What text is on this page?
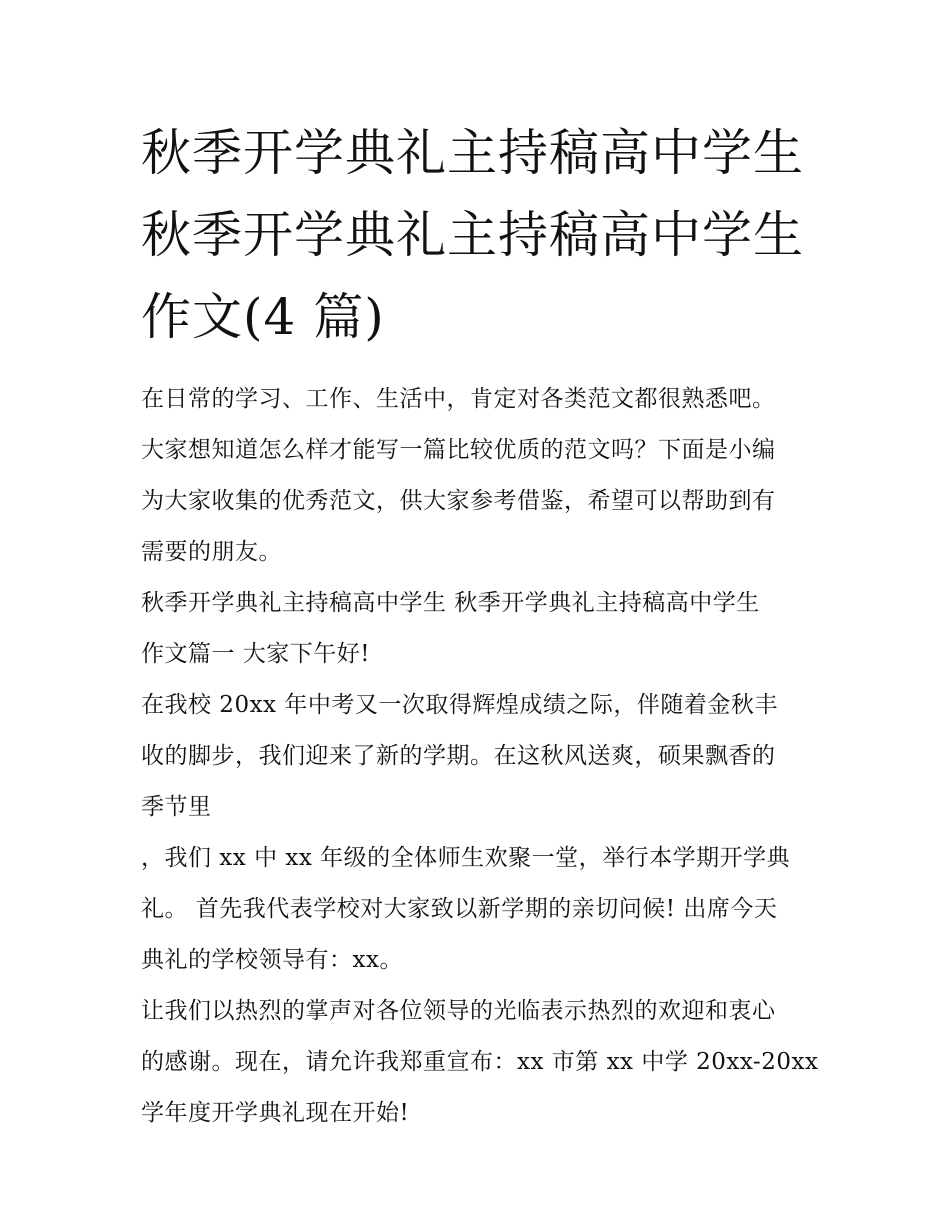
秋季开学典礼主持稿高中学生
秋季开学典礼主持稿高中学生
作文(4 篇)

在日常的学习、工作、生活中，肯定对各类范文都很熟悉吧。
大家想知道怎么样才能写一篇比较优质的范文吗？下面是小编
为大家收集的优秀范文，供大家参考借鉴，希望可以帮助到有
需要的朋友。

秋季开学典礼主持稿高中学生 秋季开学典礼主持稿高中学生
作文篇一 大家下午好!

在我校 20xx 年中考又一次取得辉煌成绩之际，伴随着金秋丰
收的脚步，我们迎来了新的学期。在这秋风送爽，硕果飘香的
季节里

，我们 xx 中 xx 年级的全体师生欢聚一堂，举行本学期开学典
礼。 首先我代表学校对大家致以新学期的亲切问候! 出席今天
典礼的学校领导有：xx。

让我们以热烈的掌声对各位领导的光临表示热烈的欢迎和衷心
的感谢。现在，请允许我郑重宣布：xx 市第 xx 中学 20xx-20xx
学年度开学典礼现在开始!
